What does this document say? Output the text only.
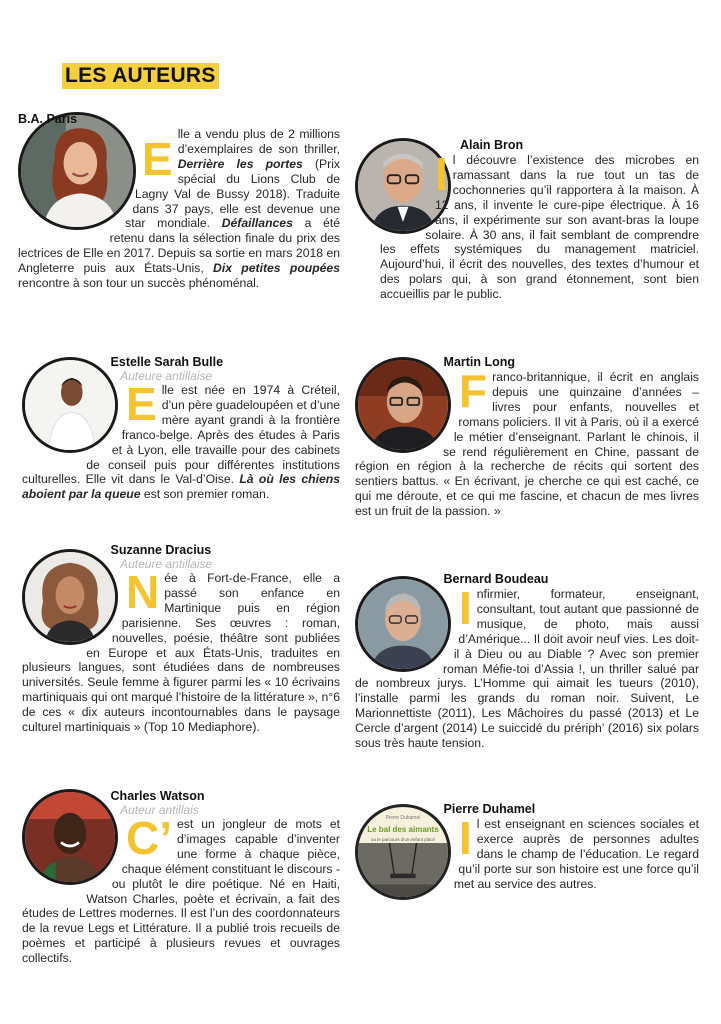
LES AUTEURS
B.A. Paris
E lle a vendu plus de 2 millions d’exemplaires de son thriller, Derrière les portes (Prix spécial du Lions Club de Lagny Val de Bussy 2018). Traduite dans 37 pays, elle est devenue une star mondiale. Défaillances a été retenu dans la sélection finale du prix des lectrices de Elle en 2017. Depuis sa sortie en mars 2018 en Angleterre puis aux États-Unis, Dix petites poupées rencontre à son tour un succès phénoménal.
Alain Bron
I l découvre l’existence des microbes en ramassant dans la rue tout un tas de cochonneries qu’il rapportera à la maison. À 12 ans, il invente le cure-pipe électrique. À 16 ans, il expérimente sur son avant-bras la loupe solaire. À 30 ans, il fait semblant de comprendre les effets systémiques du management matriciel. Aujourd’hui, il écrit des nouvelles, des textes d’humour et des polars qui, à son grand étonnement, sont bien accueillis par le public.
Estelle Sarah Bulle
Auteure antillaise
E lle est née en 1974 à Créteil, d’un père guadeloupéen et d’une mère ayant grandi à la frontière franco-belge. Après des études à Paris et à Lyon, elle travaille pour des cabinets de conseil puis pour différentes institutions culturelles. Elle vit dans le Val-d’Oise. Là où les chiens aboient par la queue est son premier roman.
Martin Long
F ranco-britannique, il écrit en anglais depuis une quinzaine d’années – livres pour enfants, nouvelles et romans policiers. Il vit à Paris, où il a exercé le métier d’enseignant. Parlant le chinois, il se rend régulièrement en Chine, passant de région en région à la recherche de récits qui sortent des sentiers battus. « En écrivant, je cherche ce qui est caché, ce qui me déroute, et ce qui me fascine, et chacun de mes livres est un fruit de la passion. »
Suzanne Dracius
Auteure antillaise
N ée à Fort-de-France, elle a passé son enfance en Martinique puis en région parisienne. Ses œuvres : roman, nouvelles, poésie, théâtre sont publiées en Europe et aux États-Unis, traduites en plusieurs langues, sont étudiées dans de nombreuses universités. Seule femme à figurer parmi les « 10 écrivains martiniquais qui ont marqué l’histoire de la littérature », n°6 de ces « dix auteurs incontournables dans le paysage culturel martiniquais » (Top 10 Mediaphore).
Bernard Boudeau
I nfirmier, formateur, enseignant, consultant, tout autant que passionné de musique, de photo, mais aussi d’Amérique... Il doit avoir neuf vies. Les doit-il à Dieu ou au Diable ? Avec son premier roman Méfie-toi d’Assia !, un thriller salué par de nombreux jurys. L’Homme qui aimait les tueurs (2010), l’installe parmi les grands du roman noir. Suivent, Le Marionnettiste (2011), Les Mâchoires du passé (2013) et Le Cercle d’argent (2014) Le suiccidé du prériph’ (2016) six polars sous très haute tension.
Charles Watson
Auteur antillais
C’ est un jongleur de mots et d’images capable d’inventer une forme à chaque pièce, chaque élément constituant le discours - ou plutôt le dire poétique. Né en Haiti, Watson Charles, poète et écrivain, a fait des études de Lettres modernes. Il est l’un des coordonnateurs de la revue Legs et Littérature. Il a publié trois recueils de poèmes et participé à plusieurs revues et ouvrages collectifs.
Pierre Duhamel
Le bal des aimants
ou le parcours d'un enfant placé
Pierre Duhamel
I l est enseignant en sciences sociales et exerce auprès de personnes adultes dans le champ de l’éducation. Le regard qu’il porte sur son histoire est une force qu’il met au service des autres.
